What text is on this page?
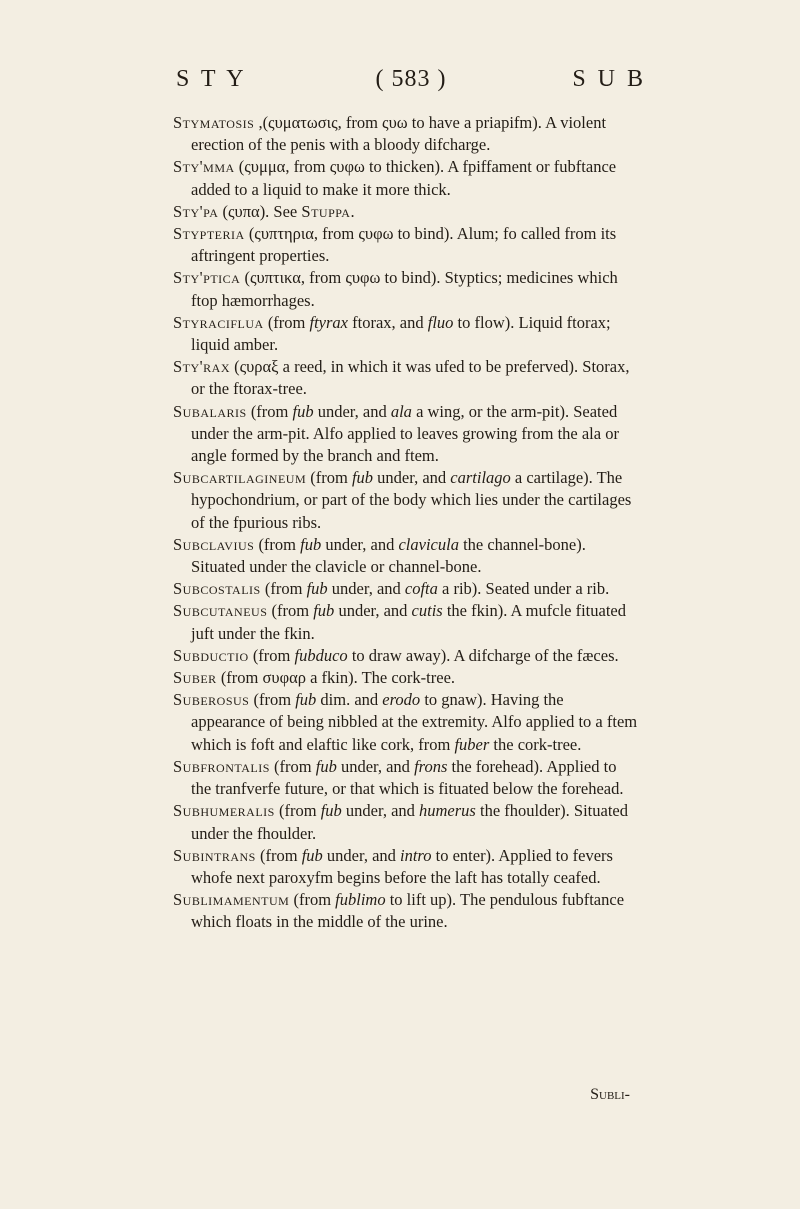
S T Y	( 583 )	S U B

Stymatosis ,(ςυματωσις, from ςυω to have a priapifm). A violent erection of the penis with a bloody difcharge.

Sty'mma (ςυμμα, from ςυφω to thicken). A fpiffament or fubftance added to a liquid to make it more thick.

Sty'pa (ςυπα). See Stuppa.

Stypteria (ςυπτηρια, from ςυφω to bind). Alum; fo called from its aftringent properties.

Sty'ptica (ςυπτικα, from ςυφω to bind). Styptics; medicines which ftop hæmorrhages.

Styraciflua (from ftyrax ftorax, and fluo to flow). Liquid ftorax; liquid amber.

Sty'rax (ςυραξ a reed, in which it was ufed to be preferved). Storax, or the ftorax-tree.

Subalaris (from fub under, and ala a wing, or the arm-pit). Seated under the arm-pit. Alfo applied to leaves growing from the ala or angle formed by the branch and ftem.

Subcartilagineum (from fub under, and cartilago a cartilage). The hypochondrium, or part of the body which lies under the cartilages of the fpurious ribs.

Subclavius (from fub under, and clavicula the channel-bone). Situated under the clavicle or channel-bone.

Subcostalis (from fub under, and cofta a rib). Seated under a rib.

Subcutaneus (from fub under, and cutis the fkin). A mufcle fituated juft under the fkin.

Subductio (from fubduco to draw away). A difcharge of the fæces.

Suber (from συφαρ a fkin). The cork-tree.

Suberosus (from fub dim. and erodo to gnaw). Having the appearance of being nibbled at the extremity. Alfo applied to a ftem which is foft and elaftic like cork, from fuber the cork-tree.

Subfrontalis (from fub under, and frons the forehead). Applied to the tranfverfe future, or that which is fituated below the forehead.

Subhumeralis (from fub under, and humerus the fhoulder). Situated under the fhoulder.

Subintrans (from fub under, and intro to enter). Applied to fevers whofe next paroxyfm begins before the laft has totally ceafed.

Sublimamentum (from fublimo to lift up). The pendulous fubftance which floats in the middle of the urine.

Subli-
